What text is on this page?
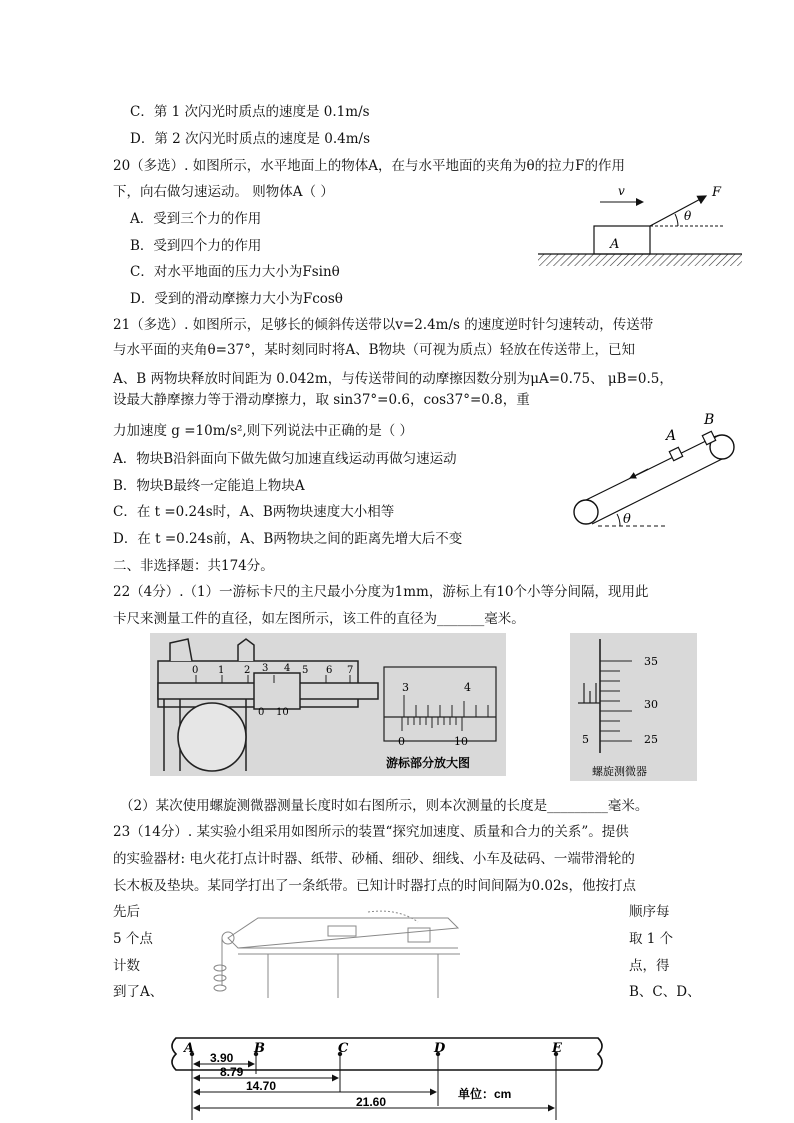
C．第 1 次闪光时质点的速度是 0.1m/s
D．第 2 次闪光时质点的速度是 0.4m/s
20（多选）. 如图所示，水平地面上的物体A，在与水平地面的夹角为θ的拉力F的作用
下，向右做匀速运动。 则物体A（ ）
A．受到三个力的作用
B．受到四个力的作用
C．对水平地面的压力大小为Fsinθ
D．受到的滑动摩擦力大小为Fcosθ
21（多选）. 如图所示，足够长的倾斜传送带以v=2.4m/s 的速度逆时针匀速转动，传送带
与水平面的夹角θ=37°，某时刻同时将A、B物块（可视为质点）轻放在传送带上，已知
A、B 两物块释放时间距为 0.042m，与传送带间的动摩擦因数分别为μA=0.75、 μB=0.5，
设最大静摩擦力等于滑动摩擦力，取 sin37°=0.6，cos37°=0.8，重
力加速度 g =10m/s²,则下列说法中正确的是（ ）
A．物块B沿斜面向下做先做匀加速直线运动再做匀速运动
B．物块B最终一定能追上物块A
C．在 t =0.24s时，A、B两物块速度大小相等
D．在 t =0.24s前，A、B两物块之间的距离先增大后不变
二、非选择题：共174分。
22（4分）.（1）一游标卡尺的主尺最小分度为1mm，游标上有10个小等分间隔，现用此
卡尺来测量工件的直径，如左图所示，该工件的直径为_______毫米。
（2）某次使用螺旋测微器测量长度时如右图所示，则本次测量的长度是_________毫米。
23（14分）. 某实验小组采用如图所示的装置“探究加速度、质量和合力的关系”。提供
的实验器材: 电火花打点计时器、纸带、砂桶、细砂、细线、小车及砝码、一端带滑轮的
长木板及垫块。某同学打出了一条纸带。已知计时器打点的时间间隔为0.02s，他按打点
先后	顺序每
5 个点	取 1 个
计数	点，得
到了A、	B、C、D、
A
v	F
θ
A
B
θ
0 1 2 3 4 5 6 7
0 10
3	4
0	10
游标部分放大图
35
30
25
5
螺旋测微器
A	B	C	D	E
3.90
8.79
14.70
21.60
单位：cm
